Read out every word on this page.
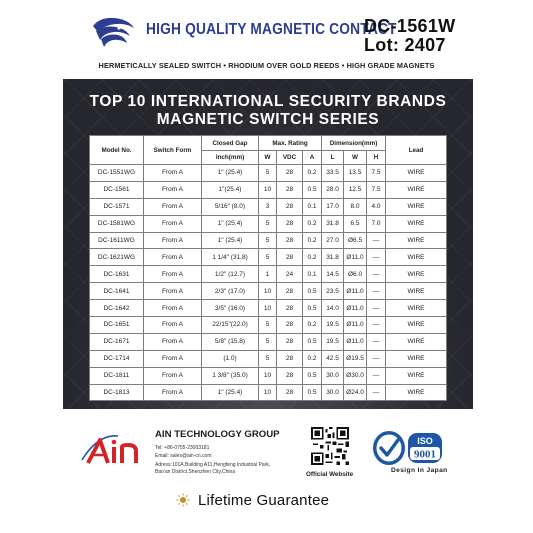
HIGH QUALITY MAGNETIC CONTACT
DC-1561W
Lot: 2407
HERMETICALLY SEALED SWITCH • RHODIUM OVER GOLD REEDS • HIGH GRADE MAGNETS
TOP 10 INTERNATIONAL SECURITY BRANDS
MAGNETIC SWITCH SERIES
Model No.	Switch Form	Closed Gap	Max. Rating			Dimension(mm)			Lead
		Inch(mm)	W	VDC	A	L	W	H	
DC-1551WG	From A	1" (25.4)	5	28	0.2	33.5	13.5	7.5	WIRE
DC-1561	From A	1"(25.4)	10	28	0.5	28.0	12.5	7.5	WIRE
DC-1571	From A	5/16" (8.0)	3	28	0.1	17.0	8.0	4.0	WIRE
DC-1581WG	From A	1" (25.4)	5	28	0.2	31.8	6.5	7.0	WIRE
DC-1611WG	From A	1" (25.4)	5	28	0.2	27.0	Ø6.5	—	WIRE
DC-1621WG	From A	1 1/4" (31.8)	5	28	0.2	31.8	Ø11.0	—	WIRE
DC-1631	From A	1/2" (12.7)	1	24	0.1	14.5	Ø6.0	—	WIRE
DC-1641	From A	2/3" (17.0)	10	28	0.5	23.5	Ø11.0	—	WIRE
DC-1642	From A	3/5" (16.0)	10	28	0.5	14.0	Ø11.0	—	WIRE
DC-1651	From A	22/15"(22.0)	5	28	0.2	19.5	Ø11.0	—	WIRE
DC-1671	From A	5/8" (15.8)	5	28	0.5	19.5	Ø11.0	—	WIRE
DC-1714	From A	(1.0)	5	28	0.2	42.5	Ø19.5	—	WIRE
DC-1811	From A	1 3/8" (35.0)	10	28	0.5	30.0	Ø30.0	—	WIRE
DC-1813	From A	1" (25.4)	10	28	0.5	30.0	Ø24.0	—	WIRE
AIN TECHNOLOGY GROUP
Tel: +86-0755-23003181
Email: sales@ain-cn.com
Adress:101A,Building A11,Hengfeng Industrial Park,
Bao'an District,Shenzhen City,China	Official Website
ISO
9001
Design In Japan
Lifetime Guarantee
